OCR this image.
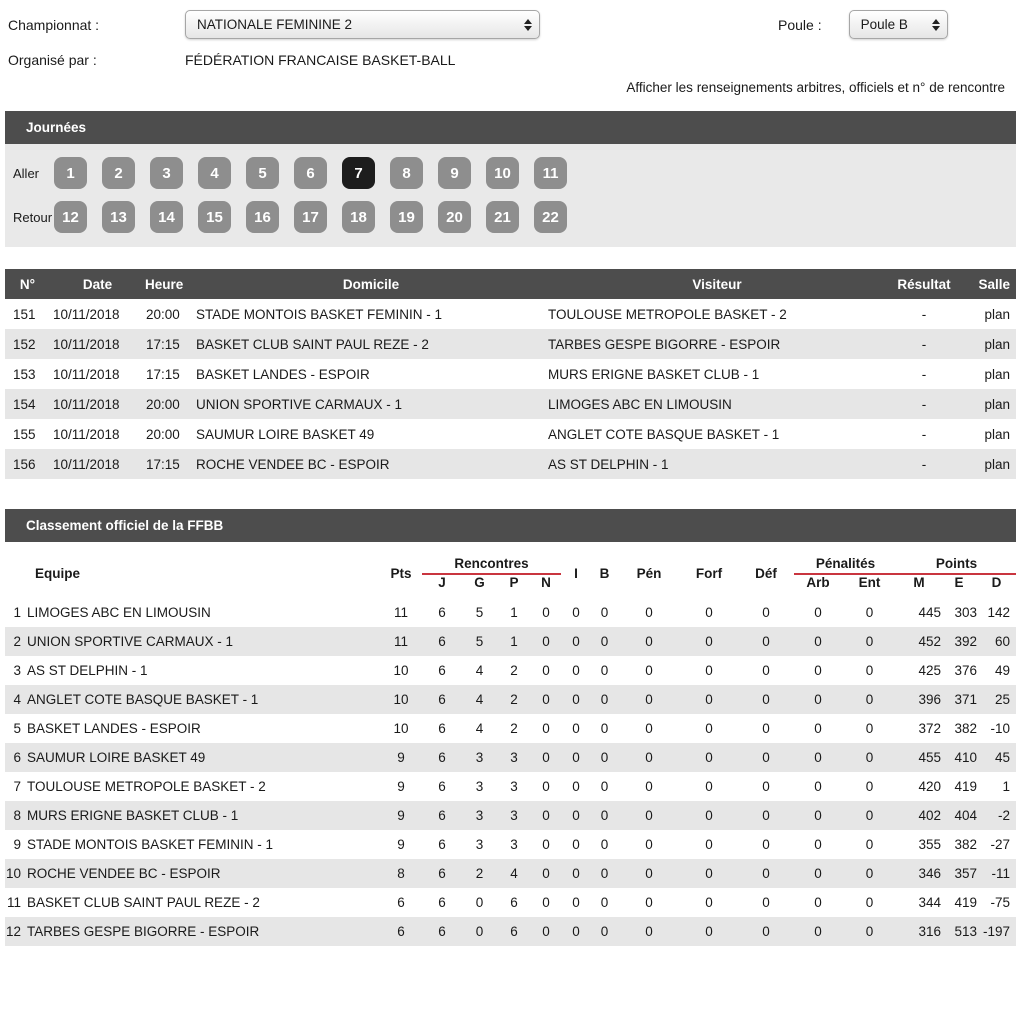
Championnat :	NATIONALE FEMININE 2	Poule :	Poule B
Organisé par :	FÉDÉRATION FRANCAISE BASKET-BALL
Afficher les renseignements arbitres, officiels et n° de rencontre
Journées
Aller	1	2	3	4	5	6	7	8	9	10	11
Retour 12	13	14	15	16	17	18	19	20	21	22
N°	Date	Heure	Domicile	Visiteur	Résultat	Salle
151	10/11/2018	20:00	STADE MONTOIS BASKET FEMININ - 1	TOULOUSE METROPOLE BASKET - 2	-	plan
152	10/11/2018	17:15	BASKET CLUB SAINT PAUL REZE - 2	TARBES GESPE BIGORRE - ESPOIR	-	plan
153	10/11/2018	17:15	BASKET LANDES - ESPOIR	MURS ERIGNE BASKET CLUB - 1	-	plan
154	10/11/2018	20:00	UNION SPORTIVE CARMAUX - 1	LIMOGES ABC EN LIMOUSIN	-	plan
155	10/11/2018	20:00	SAUMUR LOIRE BASKET 49	ANGLET COTE BASQUE BASKET - 1	-	plan
156	10/11/2018	17:15	ROCHE VENDEE BC - ESPOIR	AS ST DELPHIN - 1	-	plan
Classement officiel de la FFBB
Equipe		Pts	Rencontres				I	B	Pén	Forf	Déf	Pénalités		Points		
			J	G	P	N						Arb	Ent	M	E	D
1	LIMOGES ABC EN LIMOUSIN	11	6	5	1	0	0	0	0	0	0	0	0	445	303	142
2	UNION SPORTIVE CARMAUX - 1	11	6	5	1	0	0	0	0	0	0	0	0	452	392	60
3	AS ST DELPHIN - 1	10	6	4	2	0	0	0	0	0	0	0	0	425	376	49
4	ANGLET COTE BASQUE BASKET - 1	10	6	4	2	0	0	0	0	0	0	0	0	396	371	25
5	BASKET LANDES - ESPOIR	10	6	4	2	0	0	0	0	0	0	0	0	372	382	-10
6	SAUMUR LOIRE BASKET 49	9	6	3	3	0	0	0	0	0	0	0	0	455	410	45
7	TOULOUSE METROPOLE BASKET - 2	9	6	3	3	0	0	0	0	0	0	0	0	420	419	1
8	MURS ERIGNE BASKET CLUB - 1	9	6	3	3	0	0	0	0	0	0	0	0	402	404	-2
9	STADE MONTOIS BASKET FEMININ - 1	9	6	3	3	0	0	0	0	0	0	0	0	355	382	-27
10	ROCHE VENDEE BC - ESPOIR	8	6	2	4	0	0	0	0	0	0	0	0	346	357	-11
11	BASKET CLUB SAINT PAUL REZE - 2	6	6	0	6	0	0	0	0	0	0	0	0	344	419	-75
12	TARBES GESPE BIGORRE - ESPOIR	6	6	0	6	0	0	0	0	0	0	0	0	316	513	-197
